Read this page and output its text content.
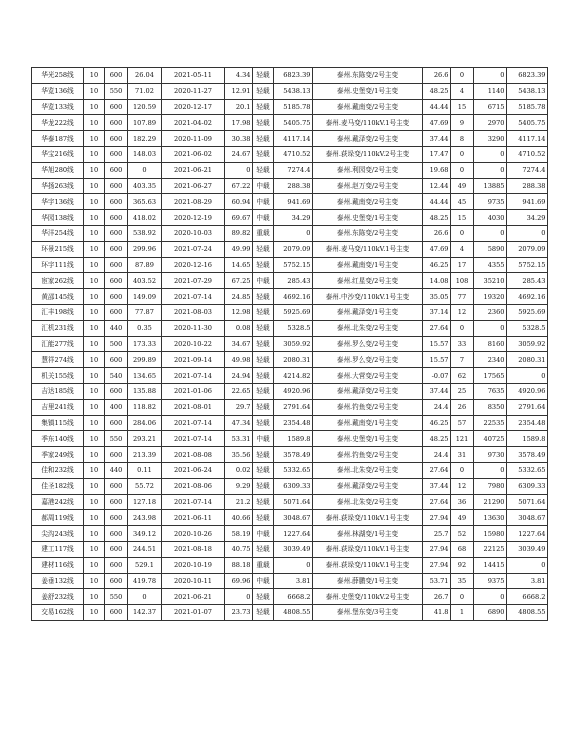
华光258线	10	600	26.04	2021-05-11	4.34	轻载	6823.39	泰州.东陈变/2号主变	26.6	0	0	6823.39
华览136线	10	550	71.02	2020-11-27	12.91	轻载	5438.13	泰州.史堡变/1号主变	48.25	4	1140	5438.13
华览133线	10	600	120.59	2020-12-17	20.1	轻载	5185.78	泰州.戴南变/2号主变	44.44	15	6715	5185.78
华龙222线	10	600	107.89	2021-04-02	17.98	轻载	5405.75	泰州.麦马变/110kV.1号主变	47.69	9	2970	5405.75
华泰187线	10	600	182.29	2020-11-09	30.38	轻载	4117.14	泰州.戴泽变/2号主变	37.44	8	3290	4117.14
华宝216线	10	600	148.03	2021-06-02	24.67	轻载	4710.52	泰州.荻垛变/110kV.2号主变	17.47	0	0	4710.52
华旭280线	10	600	0	2021-06-21	0	轻载	7274.4	泰州.利园变/2号主变	19.68	0	0	7274.4
华扬263线	10	600	403.35	2021-06-27	67.22	中载	288.38	泰州.赵万变/2号主变	12.44	49	13885	288.38
华宇136线	10	600	365.63	2021-08-29	60.94	中载	941.69	泰州.戴南变/2号主变	44.44	45	9735	941.69
华园138线	10	600	418.02	2020-12-19	69.67	中载	34.29	泰州.史堡变/1号主变	48.25	15	4030	34.29
华洋254线	10	600	538.92	2020-10-03	89.82	重载	0	泰州.东陈变/2号主变	26.6	0	0	0
环景215线	10	600	299.96	2021-07-24	49.99	轻载	2079.09	泰州.麦马变/110kV.1号主变	47.69	4	5890	2079.09
环宇111线	10	600	87.89	2020-12-16	14.65	轻载	5752.15	泰州.戴南变/1号主变	46.25	17	4355	5752.15
宦家262线	10	600	403.52	2021-07-29	67.25	中载	285.43	泰州.红星变/2号主变	14.08	108	35210	285.43
黄邵145线	10	600	149.09	2021-07-14	24.85	轻载	4692.16	泰州.中沙变/110kV.1号主变	35.05	77	19320	4692.16
汇丰198线	10	600	77.87	2021-08-03	12.98	轻载	5925.69	泰州.戴泽变/1号主变	37.14	12	2360	5925.69
汇机231线	10	440	0.35	2020-11-30	0.08	轻载	5328.5	泰州.北朱变/2号主变	27.64	0	0	5328.5
汇能277线	10	500	173.33	2020-10-22	34.67	轻载	3059.92	泰州.罗么变/2号主变	15.57	33	8160	3059.92
慧祥274线	10	600	299.89	2021-09-14	49.98	轻载	2080.31	泰州.罗么变/2号主变	15.57	7	2340	2080.31
机关155线	10	540	134.65	2021-07-14	24.94	轻载	4214.82	泰州.大营变/2号主变	-0.07	62	17565	0
吉达185线	10	600	135.88	2021-01-06	22.65	轻载	4920.96	泰州.戴泽变/2号主变	37.44	25	7635	4920.96
吉里241线	10	400	118.82	2021-08-01	29.7	轻载	2791.64	泰州.钓鱼变/2号主变	24.4	26	8350	2791.64
集镇115线	10	600	284.06	2021-07-14	47.34	轻载	2354.48	泰州.戴南变/1号主变	46.25	57	22535	2354.48
季东140线	10	550	293.21	2021-07-14	53.31	中载	1589.8	泰州.史堡变/1号主变	48.25	121	40725	1589.8
季家249线	10	600	213.39	2021-08-08	35.56	轻载	3578.49	泰州.钓鱼变/2号主变	24.4	31	9730	3578.49
佳和232线	10	440	0.11	2021-06-24	0.02	轻载	5332.65	泰州.北朱变/2号主变	27.64	0	0	5332.65
佳圣182线	10	600	55.72	2021-08-06	9.29	轻载	6309.33	泰州.戴泽变/2号主变	37.44	12	7980	6309.33
嘉港242线	10	600	127.18	2021-07-14	21.2	轻载	5071.64	泰州.北朱变/2号主变	27.64	36	21290	5071.64
郝周119线	10	600	243.98	2021-06-11	40.66	轻载	3048.67	泰州.荻垛变/110kV.1号主变	27.94	49	13630	3048.67
尖沟243线	10	600	349.12	2020-10-26	58.19	中载	1227.64	泰州.林湖变/1号主变	25.7	52	15980	1227.64
建工117线	10	600	244.51	2021-08-18	40.75	轻载	3039.49	泰州.荻垛变/110kV.1号主变	27.94	68	22125	3039.49
建材116线	10	600	529.1	2020-10-19	88.18	重载	0	泰州.荻垛变/110kV.1号主变	27.94	92	14415	0
姜垂132线	10	600	419.78	2020-10-11	69.96	中载	3.81	泰州.薛鹏变/1号主变	53.71	35	9375	3.81
姜舒232线	10	550	0	2021-06-21	0	轻载	6668.2	泰州.史堡变/110kV.2号主变	26.7	0	0	6668.2
交易162线	10	600	142.37	2021-01-07	23.73	轻载	4808.55	泰州.堡东变/3号主变	41.8	1	6890	4808.55
